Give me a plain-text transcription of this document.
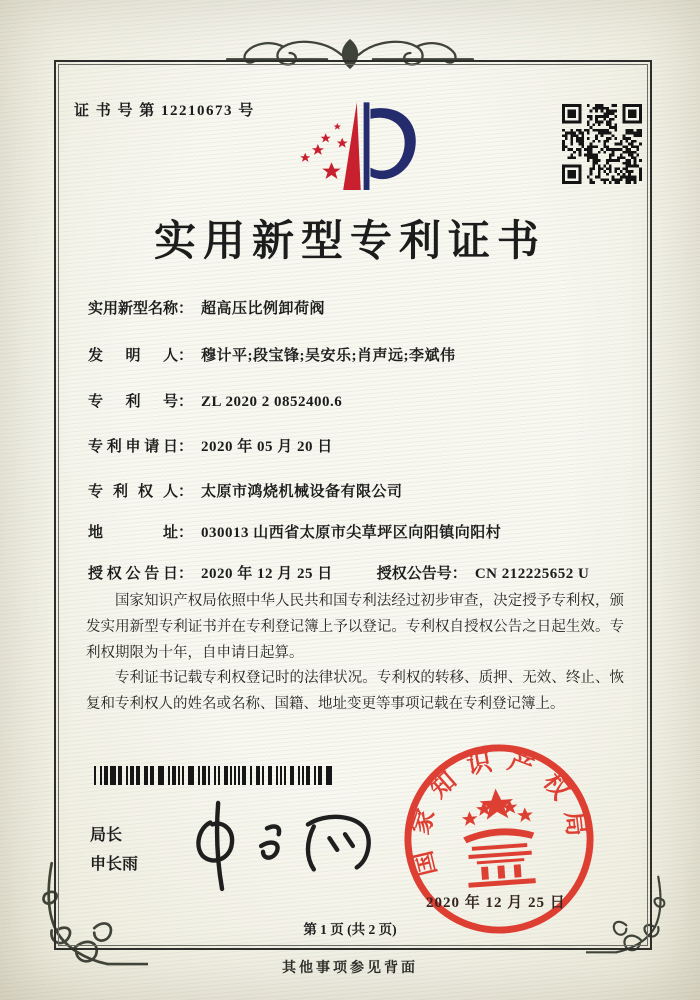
证 书 号 第 12210673 号
实用新型专利证书
实用新型名称： 超高压比例卸荷阀
发明人： 穆计平;段宝锋;吴安乐;肖声远;李斌伟
专利号： ZL 2020 2 0852400.6
专利申请日： 2020 年 05 月 20 日
专利权人： 太原市鸿烧机械设备有限公司
地址： 030013 山西省太原市尖草坪区向阳镇向阳村
授权公告日： 2020 年 12 月 25 日	授权公告号： CN 212225652 U

国家知识产权局依照中华人民共和国专利法经过初步审查，决定授予专利权，颁发实用新型专利证书并在专利登记簿上予以登记。专利权自授权公告之日起生效。专利权期限为十年，自申请日起算。

专利证书记载专利权登记时的法律状况。专利权的转移、质押、无效、终止、恢复和专利权人的姓名或名称、国籍、地址变更等事项记载在专利登记簿上。

局长
申长雨	国家知识产权局
2020 年 12 月 25 日
第 1 页 (共 2 页)
其他事项参见背面
